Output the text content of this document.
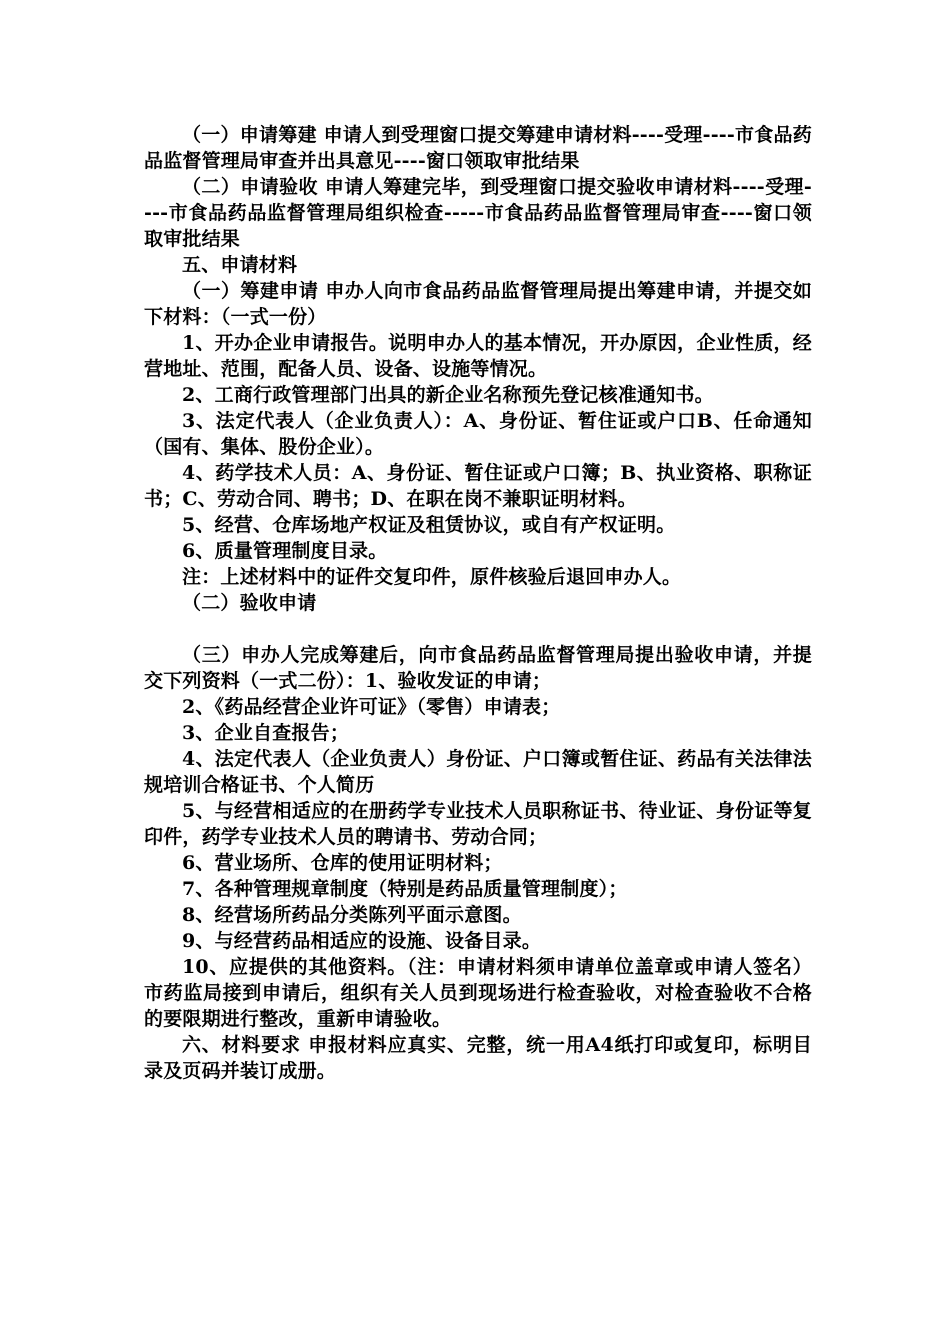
（一）申请筹建 申请人到受理窗口提交筹建申请材料----受理----市食品药品监督管理局审查并出具意见----窗口领取审批结果

（二）申请验收 申请人筹建完毕，到受理窗口提交验收申请材料----受理----市食品药品监督管理局组织检查-----市食品药品监督管理局审查----窗口领取审批结果

五、申请材料

（一）筹建申请 申办人向市食品药品监督管理局提出筹建申请，并提交如下材料：（一式一份）

1、开办企业申请报告。说明申办人的基本情况，开办原因，企业性质，经营地址、范围，配备人员、设备、设施等情况。

2、工商行政管理部门出具的新企业名称预先登记核准通知书。

3、法定代表人（企业负责人）：A、身份证、暂住证或户口B、任命通知（国有、集体、股份企业）。

4、药学技术人员：A、身份证、暂住证或户口簿；B、执业资格、职称证书；C、劳动合同、聘书；D、在职在岗不兼职证明材料。

5、经营、仓库场地产权证及租赁协议，或自有产权证明。

6、质量管理制度目录。

注：上述材料中的证件交复印件，原件核验后退回申办人。

（二）验收申请

（三）申办人完成筹建后，向市食品药品监督管理局提出验收申请，并提交下列资料（一式二份）：1、验收发证的申请；

2、《药品经营企业许可证》（零售）申请表；

3、企业自查报告；

4、法定代表人（企业负责人）身份证、户口簿或暂住证、药品有关法律法规培训合格证书、个人简历

5、与经营相适应的在册药学专业技术人员职称证书、待业证、身份证等复印件，药学专业技术人员的聘请书、劳动合同；

6、营业场所、仓库的使用证明材料；

7、各种管理规章制度（特别是药品质量管理制度）；

8、经营场所药品分类陈列平面示意图。

9、与经营药品相适应的设施、设备目录。

10、应提供的其他资料。（注：申请材料须申请单位盖章或申请人签名） 市药监局接到申请后，组织有关人员到现场进行检查验收，对检查验收不合格的要限期进行整改，重新申请验收。

六、材料要求 申报材料应真实、完整，统一用A4纸打印或复印，标明目录及页码并装订成册。
